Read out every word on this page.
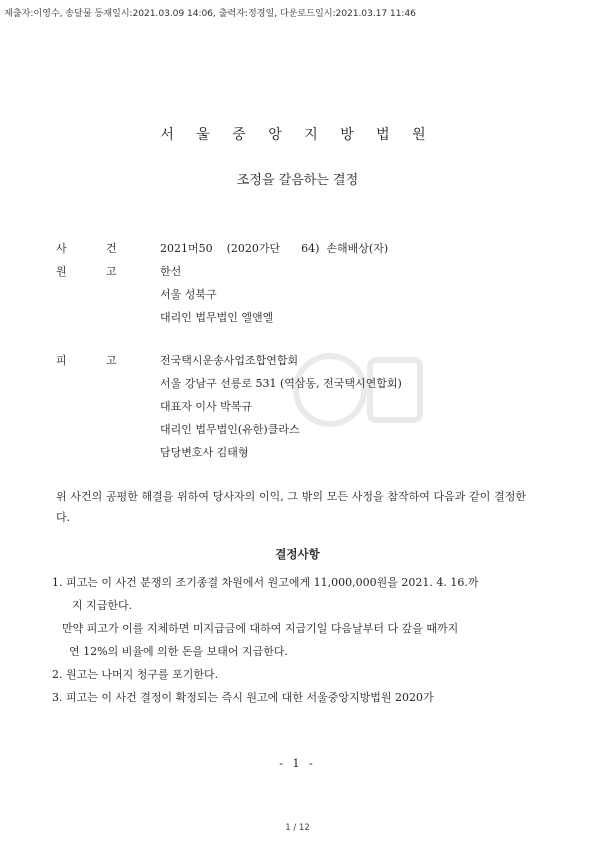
제출자:이영수, 송달물 등재일시:2021.03.09 14:06, 출력자:정경일, 다운로드일시:2021.03.17 11:46
서 울 중 앙 지 방 법 원
조정을 갈음하는 결정
사	건	2021머50    (2020가단      64)  손해배상(자)
원	고	한선
서울 성북구
대리인 법무법인 엘앤엘
피	고	전국택시운송사업조합연합회
서울 강남구 선릉로 531 (역삼동, 전국택시연합회)
대표자 이사 박복규
대리인 법무법인(유한)클라스
담당변호사 김태형
위 사건의 공평한 해결을 위하여 당사자의 이익, 그 밖의 모든 사정을 참작하여 다음과 같이 결정한다.
결정사항
1. 피고는 이 사건 분쟁의 조기종결 차원에서 원고에게 11,000,000원을 2021. 4. 16.까
지 지급한다.
만약 피고가 이를 지체하면 미지급금에 대하여 지급기일 다음날부터 다 갚을 때까지
연 12%의 비율에 의한 돈을 보태어 지급한다.
2. 원고는 나머지 청구를 포기한다.
3. 피고는 이 사건 결정이 확정되는 즉시 원고에 대한 서울중앙지방법원 2020가
- 1 -
1 / 12
